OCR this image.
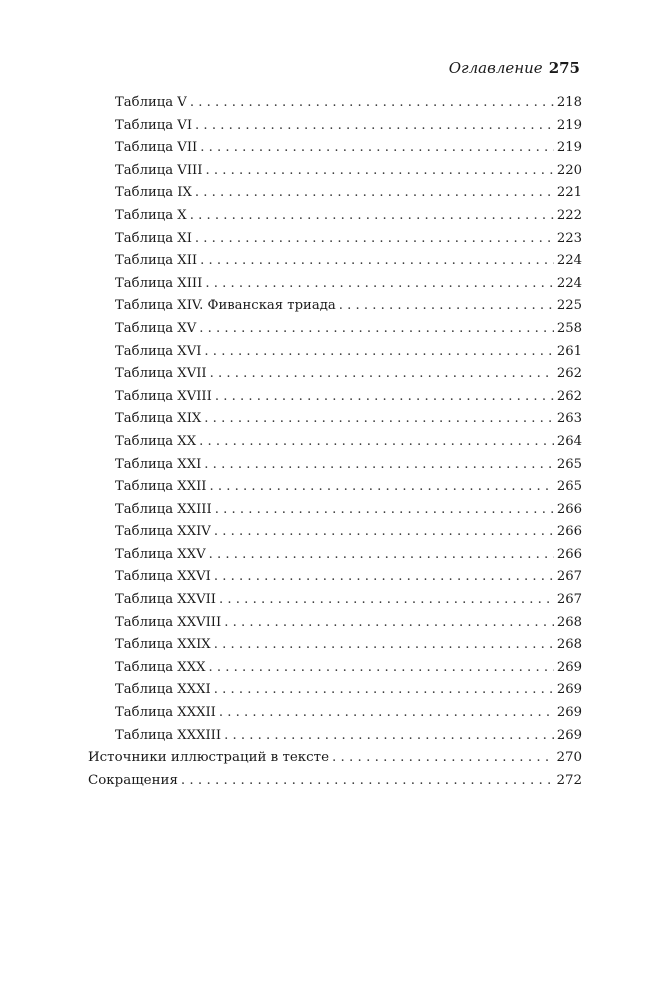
Оглавление 275
Таблица V . . .	218
Таблица VI . . .	219
Таблица VII . . .	219
Таблица VIII . . .	220
Таблица IX . . .	221
Таблица X . . .	222
Таблица XI . . .	223
Таблица XII . . .	224
Таблица XIII . . .	224
Таблица XIV. Фиванская триада . . .	225
Таблица XV . . .	258
Таблица XVI . . .	261
Таблица XVII . . .	262
Таблица XVIII . . .	262
Таблица XIX . . .	263
Таблица XX . . .	264
Таблица XXI . . .	265
Таблица XXII . . .	265
Таблица XXIII . . .	266
Таблица XXIV . . .	266
Таблица XXV . . .	266
Таблица XXVI . . .	267
Таблица XXVII . . .	267
Таблица XXVIII . . .	268
Таблица XXIX . . .	268
Таблица XXX . . .	269
Таблица XXXI . . .	269
Таблица XXXII . . .	269
Таблица XXXIII . . .	269
Источники иллюстраций в тексте . . .	270
Сокращения . . .	272
